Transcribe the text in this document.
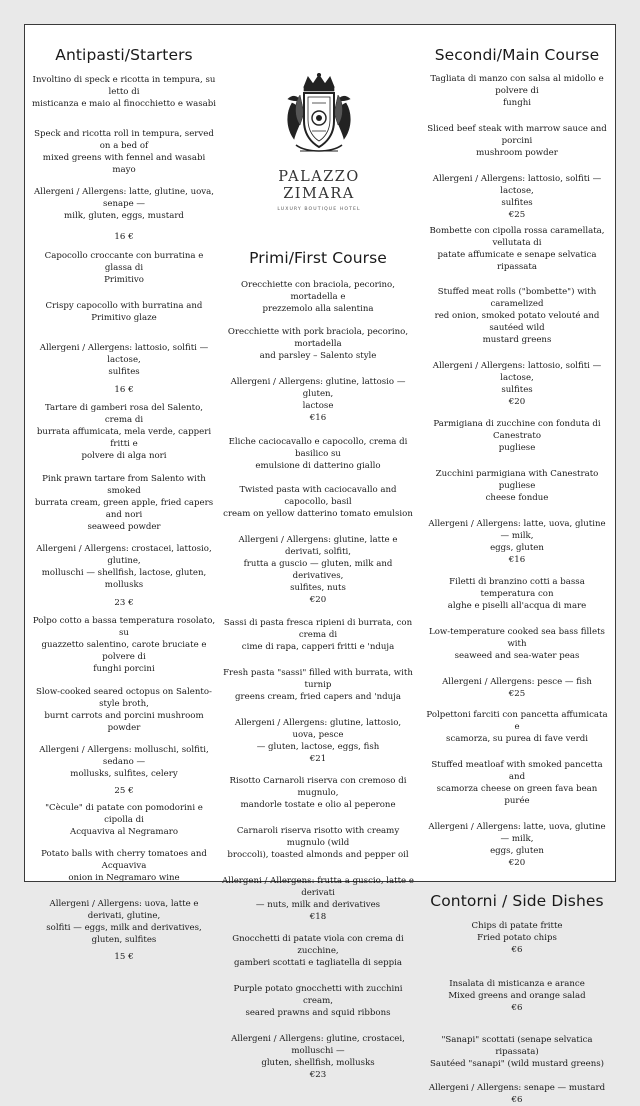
Antipasti/Starters

Involtino di speck e ricotta in tempura, su letto di

misticanza e maio al finocchietto e wasabi

Speck and ricotta roll in tempura, served on a bed of

mixed greens with fennel and wasabi mayo

Allergeni / Allergens: latte, glutine, uova, senape —

milk, gluten, eggs, mustard

16 €

Capocollo croccante con burratina e glassa di

Primitivo

Crispy capocollo with burratina and Primitivo glaze

Allergeni / Allergens: lattosio, solfiti — lactose,

sulfites

16 €

Tartare di gamberi rosa del Salento, crema di

burrata affumicata, mela verde, capperi fritti e

polvere di alga nori

Pink prawn tartare from Salento with smoked

burrata cream, green apple, fried capers and nori

seaweed powder

Allergeni / Allergens: crostacei, lattosio, glutine,

molluschi — shellfish, lactose, gluten, mollusks

23 €

Polpo cotto a bassa temperatura rosolato, su

guazzetto salentino, carote bruciate e polvere di

funghi porcini

Slow-cooked seared octopus on Salento-style broth,

burnt carrots and porcini mushroom powder

Allergeni / Allergens: molluschi, solfiti, sedano —

mollusks, sulfites, celery

25 €

"Cècule" di patate con pomodorini e cipolla di

Acquaviva al Negramaro

Potato balls with cherry tomatoes and Acquaviva

onion in Negramaro wine

Allergeni / Allergens: uova, latte e derivati, glutine,

solfiti — eggs, milk and derivatives, gluten, sulfites

15 €

PALAZZO
ZIMARA
LUXURY BOUTIQUE HOTEL
Primi/First Course

Orecchiette con braciola, pecorino, mortadella e

prezzemolo alla salentina

Orecchiette with pork braciola, pecorino, mortadella

and parsley – Salento style

Allergeni / Allergens: glutine, lattosio — gluten,

lactose

€16

Eliche caciocavallo e capocollo, crema di basilico su

emulsione di datterino giallo

Twisted pasta with caciocavallo and capocollo, basil

cream on yellow datterino tomato emulsion

Allergeni / Allergens: glutine, latte e derivati, solfiti,

frutta a guscio — gluten, milk and derivatives,

sulfites, nuts

€20

Sassi di pasta fresca ripieni di burrata, con crema di

cime di rapa, capperi fritti e 'nduja

Fresh pasta "sassi" filled with burrata, with turnip

greens cream, fried capers and 'nduja

Allergeni / Allergens: glutine, lattosio, uova, pesce

— gluten, lactose, eggs, fish

€21

Risotto Carnaroli riserva con cremoso di mugnulo,

mandorle tostate e olio al peperone

Carnaroli riserva risotto with creamy mugnulo (wild

broccoli), toasted almonds and pepper oil

Allergeni / Allergens: frutta a guscio, latte e derivati

— nuts, milk and derivatives

€18

Gnocchetti di patate viola con crema di zucchine,

gamberi scottati e tagliatella di seppia

Purple potato gnocchetti with zucchini cream,

seared prawns and squid ribbons

Allergeni / Allergens: glutine, crostacei, molluschi —

gluten, shellfish, mollusks

€23

Secondi/Main Course

Tagliata di manzo con salsa al midollo e polvere di

funghi

Sliced beef steak with marrow sauce and porcini

mushroom powder

Allergeni / Allergens: lattosio, solfiti — lactose,

sulfites

€25

Bombette con cipolla rossa caramellata, vellutata di

patate affumicate e senape selvatica ripassata

Stuffed meat rolls ("bombette") with caramelized

red onion, smoked potato velouté and sautéed wild

mustard greens

Allergeni / Allergens: lattosio, solfiti — lactose,

sulfites

€20

Parmigiana di zucchine con fonduta di Canestrato

pugliese

Zucchini parmigiana with Canestrato pugliese

cheese fondue

Allergeni / Allergens: latte, uova, glutine — milk,

eggs, gluten

€16

Filetti di branzino cotti a bassa temperatura con

alghe e piselli all'acqua di mare

Low-temperature cooked sea bass fillets with

seaweed and sea-water peas

Allergeni / Allergens: pesce — fish

€25

Polpettoni farciti con pancetta affumicata e

scamorza, su purea di fave verdi

Stuffed meatloaf with smoked pancetta and

scamorza cheese on green fava bean purée

Allergeni / Allergens: latte, uova, glutine — milk,

eggs, gluten

€20

Contorni / Side Dishes

Chips di patate fritte

Fried potato chips

€6

Insalata di misticanza e arance

Mixed greens and orange salad

€6

"Sanapi" scottati (senape selvatica ripassata)

Sautéed "sanapi" (wild mustard greens)

Allergeni / Allergens: senape — mustard

€6
